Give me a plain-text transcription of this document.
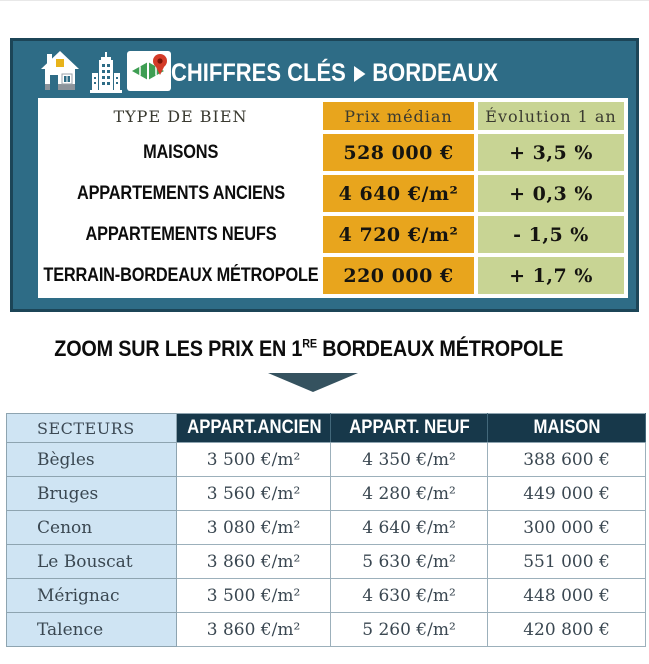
CHIFFRES CLÉS BORDEAUX
TYPE DE BIEN	Prix médian	Évolution 1 an
MAISONS	528 000 €	+ 3,5 %
APPARTEMENTS ANCIENS	4 640 €/m²	+ 0,3 %
APPARTEMENTS NEUFS	4 720 €/m²	- 1,5 %
TERRAIN-BORDEAUX MÉTROPOLE	220 000 €	+ 1,7 %
ZOOM SUR LES PRIX EN 1RE BORDEAUX MÉTROPOLE
SECTEURS	APPART.ANCIEN	APPART. NEUF	MAISON
Bègles	3 500 €/m²	4 350 €/m²	388 600 €
Bruges	3 560 €/m²	4 280 €/m²	449 000 €
Cenon	3 080 €/m²	4 640 €/m²	300 000 €
Le Bouscat	3 860 €/m²	5 630 €/m²	551 000 €
Mérignac	3 500 €/m²	4 630 €/m²	448 000 €
Talence	3 860 €/m²	5 260 €/m²	420 800 €
